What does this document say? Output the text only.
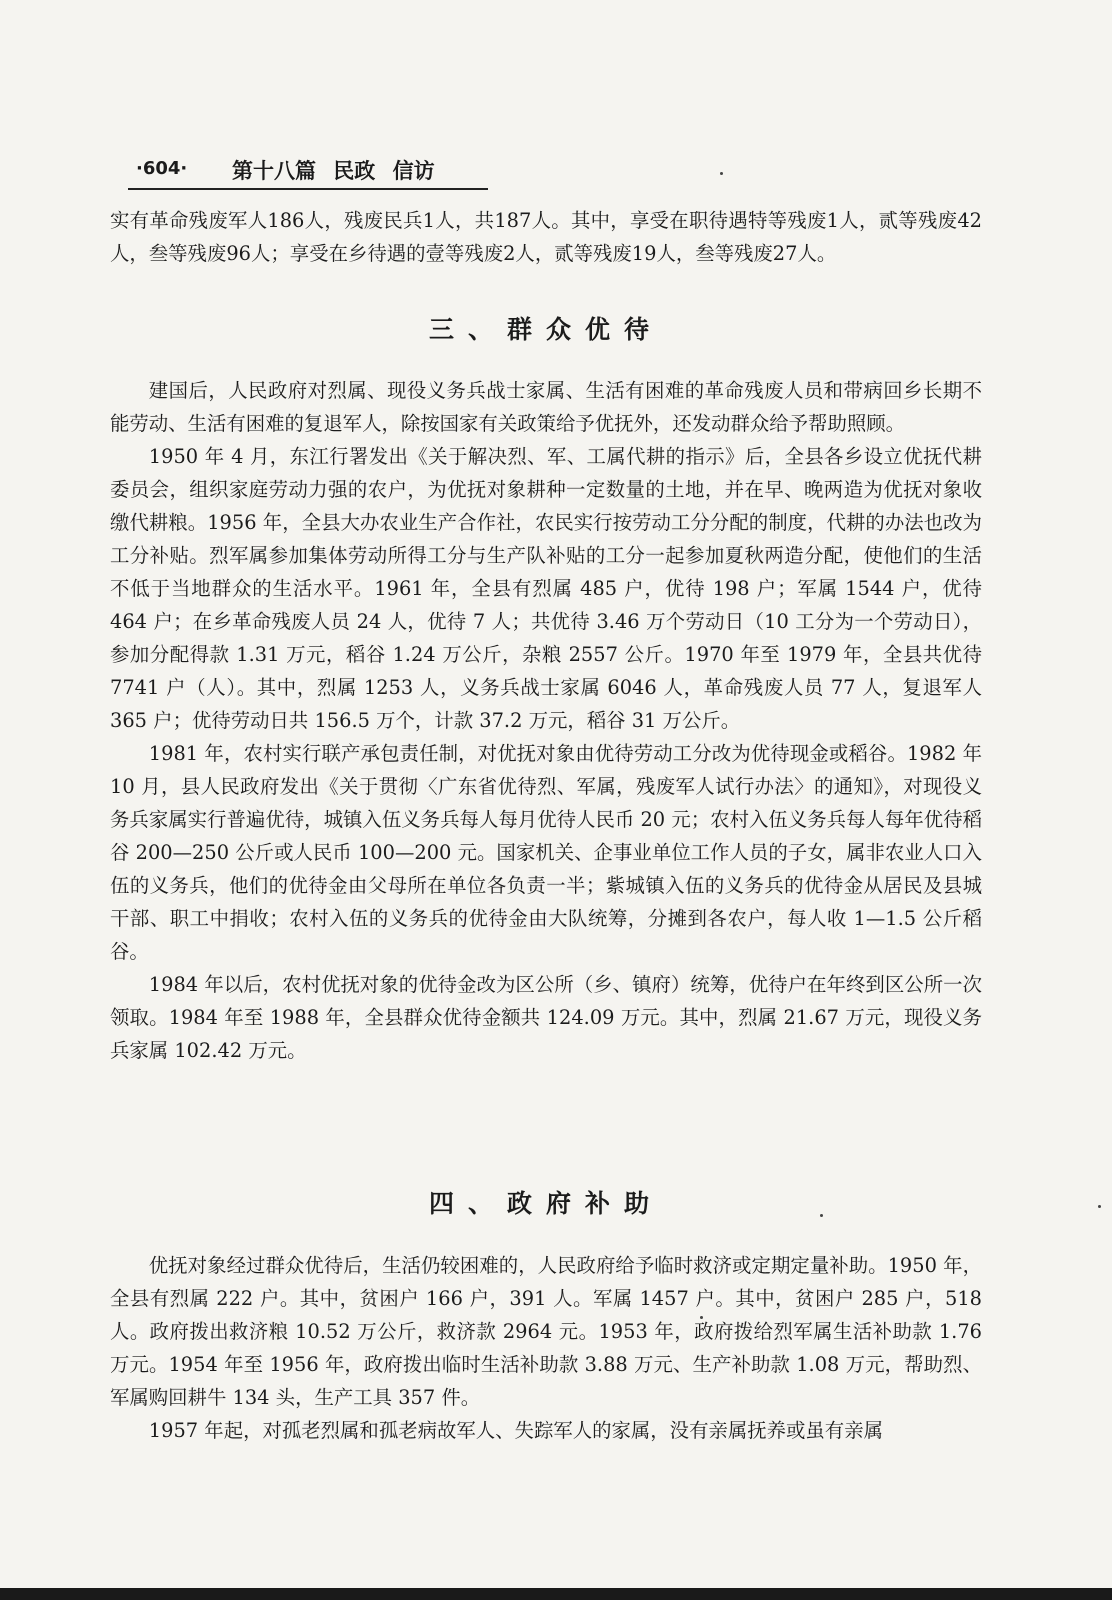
·604· 第十八篇 民政 信访

实有革命残废军人186人，残废民兵1人，共187人。其中，享受在职待遇特等残废1人，贰等残废42人，叁等残废96人；享受在乡待遇的壹等残废2人，贰等残废19人，叁等残废27人。

三、群众优待

建国后，人民政府对烈属、现役义务兵战士家属、生活有困难的革命残废人员和带病回乡长期不能劳动、生活有困难的复退军人，除按国家有关政策给予优抚外，还发动群众给予帮助照顾。

1950 年 4 月，东江行署发出《关于解决烈、军、工属代耕的指示》后，全县各乡设立优抚代耕委员会，组织家庭劳动力强的农户，为优抚对象耕种一定数量的土地，并在早、晚两造为优抚对象收缴代耕粮。1956 年，全县大办农业生产合作社，农民实行按劳动工分分配的制度，代耕的办法也改为工分补贴。烈军属参加集体劳动所得工分与生产队补贴的工分一起参加夏秋两造分配，使他们的生活不低于当地群众的生活水平。1961 年，全县有烈属 485 户，优待 198 户；军属 1544 户，优待 464 户；在乡革命残废人员 24 人，优待 7 人；共优待 3.46 万个劳动日（10 工分为一个劳动日），参加分配得款 1.31 万元，稻谷 1.24 万公斤，杂粮 2557 公斤。1970 年至 1979 年，全县共优待 7741 户（人）。其中，烈属 1253 人，义务兵战士家属 6046 人，革命残废人员 77 人，复退军人 365 户；优待劳动日共 156.5 万个，计款 37.2 万元，稻谷 31 万公斤。

1981 年，农村实行联产承包责任制，对优抚对象由优待劳动工分改为优待现金或稻谷。1982 年 10 月，县人民政府发出《关于贯彻〈广东省优待烈、军属，残废军人试行办法〉的通知》，对现役义务兵家属实行普遍优待，城镇入伍义务兵每人每月优待人民币 20 元；农村入伍义务兵每人每年优待稻谷 200—250 公斤或人民币 100—200 元。国家机关、企事业单位工作人员的子女，属非农业人口入伍的义务兵，他们的优待金由父母所在单位各负责一半；紫城镇入伍的义务兵的优待金从居民及县城干部、职工中捐收；农村入伍的义务兵的优待金由大队统筹，分摊到各农户，每人收 1—1.5 公斤稻谷。

1984 年以后，农村优抚对象的优待金改为区公所（乡、镇府）统筹，优待户在年终到区公所一次领取。1984 年至 1988 年，全县群众优待金额共 124.09 万元。其中，烈属 21.67 万元，现役义务兵家属 102.42 万元。

四、政府补助

优抚对象经过群众优待后，生活仍较困难的，人民政府给予临时救济或定期定量补助。1950 年，全县有烈属 222 户。其中，贫困户 166 户，391 人。军属 1457 户。其中，贫困户 285 户，518 人。政府拨出救济粮 10.52 万公斤，救济款 2964 元。1953 年，政府拨给烈军属生活补助款 1.76 万元。1954 年至 1956 年，政府拨出临时生活补助款 3.88 万元、生产补助款 1.08 万元，帮助烈、军属购回耕牛 134 头，生产工具 357 件。

1957 年起，对孤老烈属和孤老病故军人、失踪军人的家属，没有亲属抚养或虽有亲属
